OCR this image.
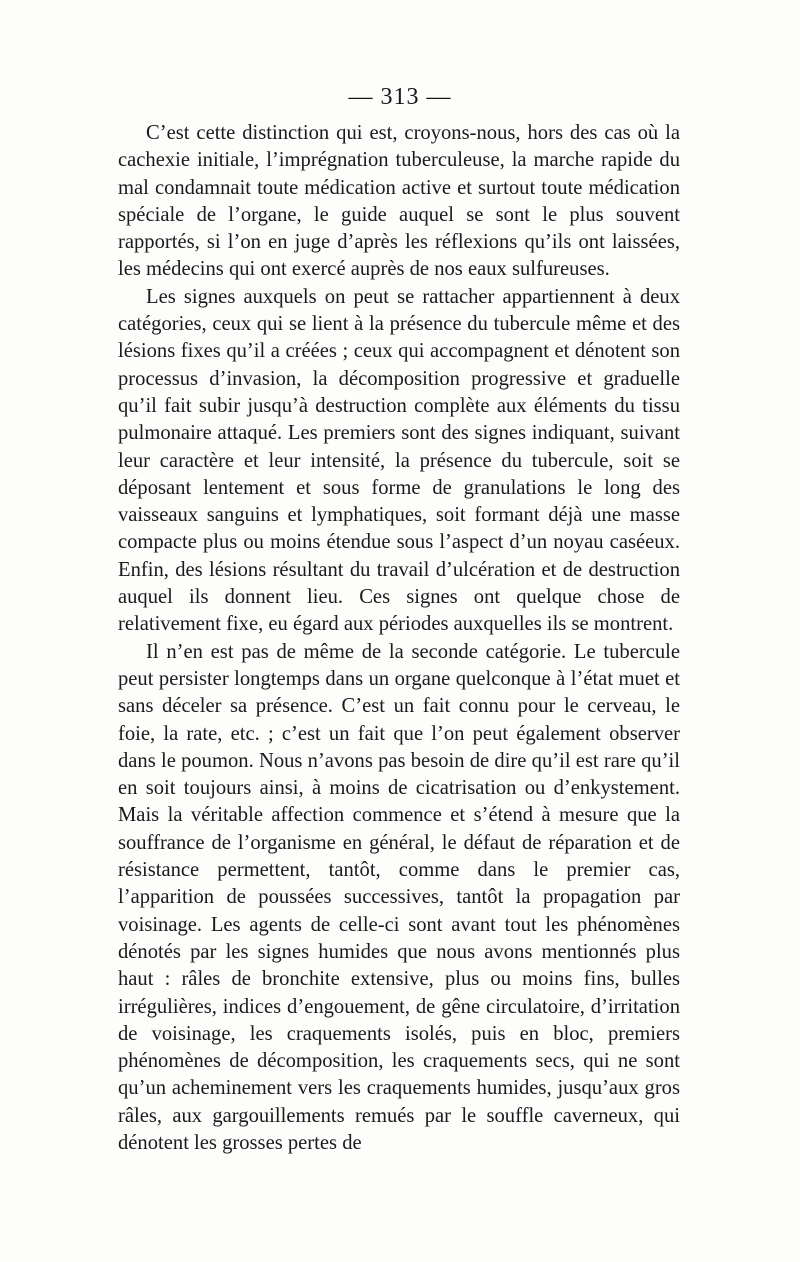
— 313 —

C’est cette distinction qui est, croyons-nous, hors des cas où la cachexie initiale, l’imprégnation tuberculeuse, la marche rapide du mal condamnait toute médication active et surtout toute médication spéciale de l’organe, le guide auquel se sont le plus souvent rapportés, si l’on en juge d’après les réflexions qu’ils ont laissées, les médecins qui ont exercé auprès de nos eaux sulfureuses.

Les signes auxquels on peut se rattacher appartiennent à deux catégories, ceux qui se lient à la présence du tubercule même et des lésions fixes qu’il a créées ; ceux qui accompagnent et dénotent son processus d’invasion, la décomposition progressive et graduelle qu’il fait subir jusqu’à destruction complète aux éléments du tissu pulmonaire attaqué. Les premiers sont des signes indiquant, suivant leur caractère et leur intensité, la présence du tubercule, soit se déposant lentement et sous forme de granulations le long des vaisseaux sanguins et lymphatiques, soit formant déjà une masse compacte plus ou moins étendue sous l’aspect d’un noyau caséeux. Enfin, des lésions résultant du travail d’ulcération et de destruction auquel ils donnent lieu. Ces signes ont quelque chose de relativement fixe, eu égard aux périodes auxquelles ils se montrent.

Il n’en est pas de même de la seconde catégorie. Le tubercule peut persister longtemps dans un organe quelconque à l’état muet et sans déceler sa présence. C’est un fait connu pour le cerveau, le foie, la rate, etc. ; c’est un fait que l’on peut également observer dans le poumon. Nous n’avons pas besoin de dire qu’il est rare qu’il en soit toujours ainsi, à moins de cicatrisation ou d’enkystement. Mais la véritable affection commence et s’étend à mesure que la souffrance de l’organisme en général, le défaut de réparation et de résistance permettent, tantôt, comme dans le premier cas, l’apparition de poussées successives, tantôt la propagation par voisinage. Les agents de celle-ci sont avant tout les phénomènes dénotés par les signes humides que nous avons mentionnés plus haut : râles de bronchite extensive, plus ou moins fins, bulles irrégulières, indices d’engouement, de gêne circulatoire, d’irritation de voisinage, les craquements isolés, puis en bloc, premiers phénomènes de décomposition, les craquements secs, qui ne sont qu’un acheminement vers les craquements humides, jusqu’aux gros râles, aux gargouillements remués par le souffle caverneux, qui dénotent les grosses pertes de
